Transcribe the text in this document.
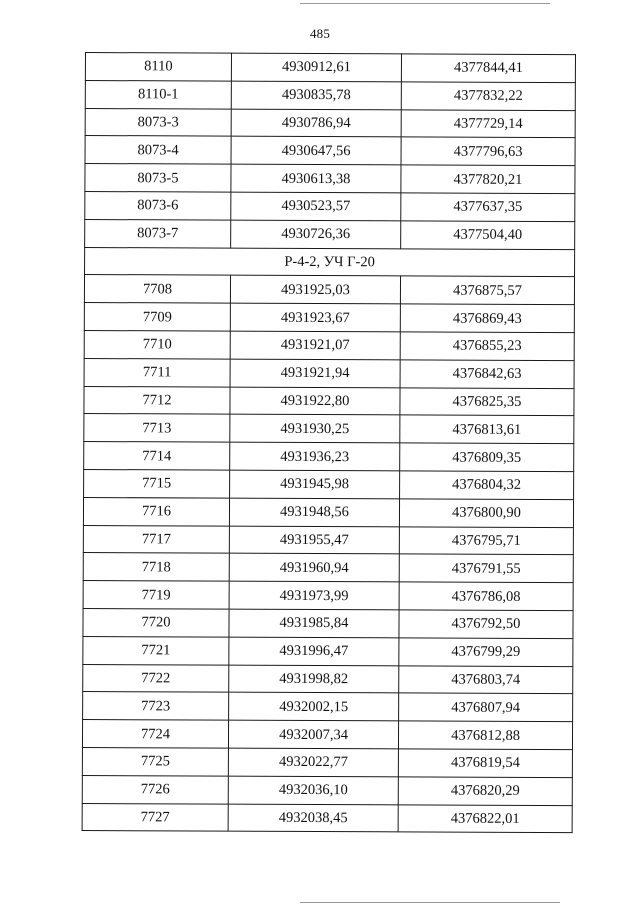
485
8110	4930912,61	4377844,41
8110-1	4930835,78	4377832,22
8073-3	4930786,94	4377729,14
8073-4	4930647,56	4377796,63
8073-5	4930613,38	4377820,21
8073-6	4930523,57	4377637,35
8073-7	4930726,36	4377504,40
Р-4-2, УЧ Г-20		
7708	4931925,03	4376875,57
7709	4931923,67	4376869,43
7710	4931921,07	4376855,23
7711	4931921,94	4376842,63
7712	4931922,80	4376825,35
7713	4931930,25	4376813,61
7714	4931936,23	4376809,35
7715	4931945,98	4376804,32
7716	4931948,56	4376800,90
7717	4931955,47	4376795,71
7718	4931960,94	4376791,55
7719	4931973,99	4376786,08
7720	4931985,84	4376792,50
7721	4931996,47	4376799,29
7722	4931998,82	4376803,74
7723	4932002,15	4376807,94
7724	4932007,34	4376812,88
7725	4932022,77	4376819,54
7726	4932036,10	4376820,29
7727	4932038,45	4376822,01
